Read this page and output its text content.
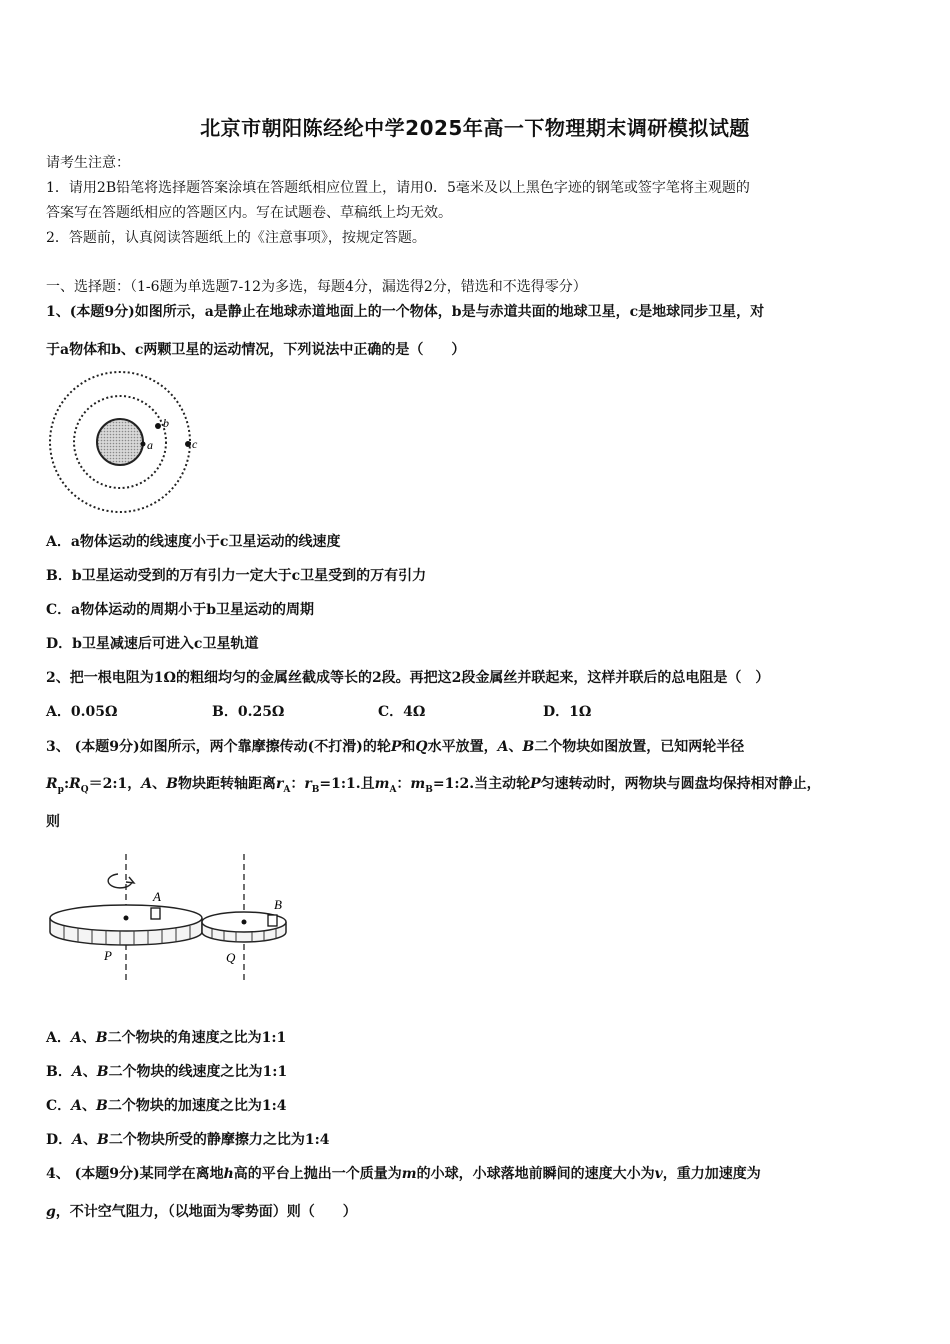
北京市朝阳陈经纶中学2025年高一下物理期末调研模拟试题
请考生注意：
1．请用2B铅笔将选择题答案涂填在答题纸相应位置上，请用0．5毫米及以上黑色字迹的钢笔或签字笔将主观题的
答案写在答题纸相应的答题区内。写在试题卷、草稿纸上均无效。
2．答题前，认真阅读答题纸上的《注意事项》，按规定答题。
一、选择题：（1-6题为单选题7-12为多选，每题4分，漏选得2分，错选和不选得零分）
1、(本题9分)如图所示，a是静止在地球赤道地面上的一个物体，b是与赤道共面的地球卫星，c是地球同步卫星，对
于a物体和b、c两颗卫星的运动情况，下列说法中正确的是（　　）
a
b
c
A．a物体运动的线速度小于c卫星运动的线速度
B．b卫星运动受到的万有引力一定大于c卫星受到的万有引力
C．a物体运动的周期小于b卫星运动的周期
D．b卫星减速后可进入c卫星轨道
2、把一根电阻为1Ω的粗细均匀的金属丝截成等长的2段。再把这2段金属丝并联起来，这样并联后的总电阻是（　）
A．0.05Ω	B．0.25Ω	C．4Ω	D．1Ω
3、 (本题9分)如图所示，两个靠摩擦传动(不打滑)的轮P和Q水平放置，A、B二个物块如图放置，已知两轮半径
$R_p:R_Q=2:1$，A、B物块距转轴距离$r_A$：$r_B=1:1$.且$m_A$：$m_B=1:2$.当主动轮P匀速转动时，两物块与圆盘均保持相对静止，
则
A
B
P	Q
A．A、B二个物块的角速度之比为1:1
B．A、B二个物块的线速度之比为1:1
C．A、B二个物块的加速度之比为1:4
D．A、B二个物块所受的静摩擦力之比为1:4
4、 (本题9分)某同学在离地h高的平台上抛出一个质量为m的小球，小球落地前瞬间的速度大小为v，重力加速度为
g，不计空气阻力，（以地面为零势面）则（　　）
